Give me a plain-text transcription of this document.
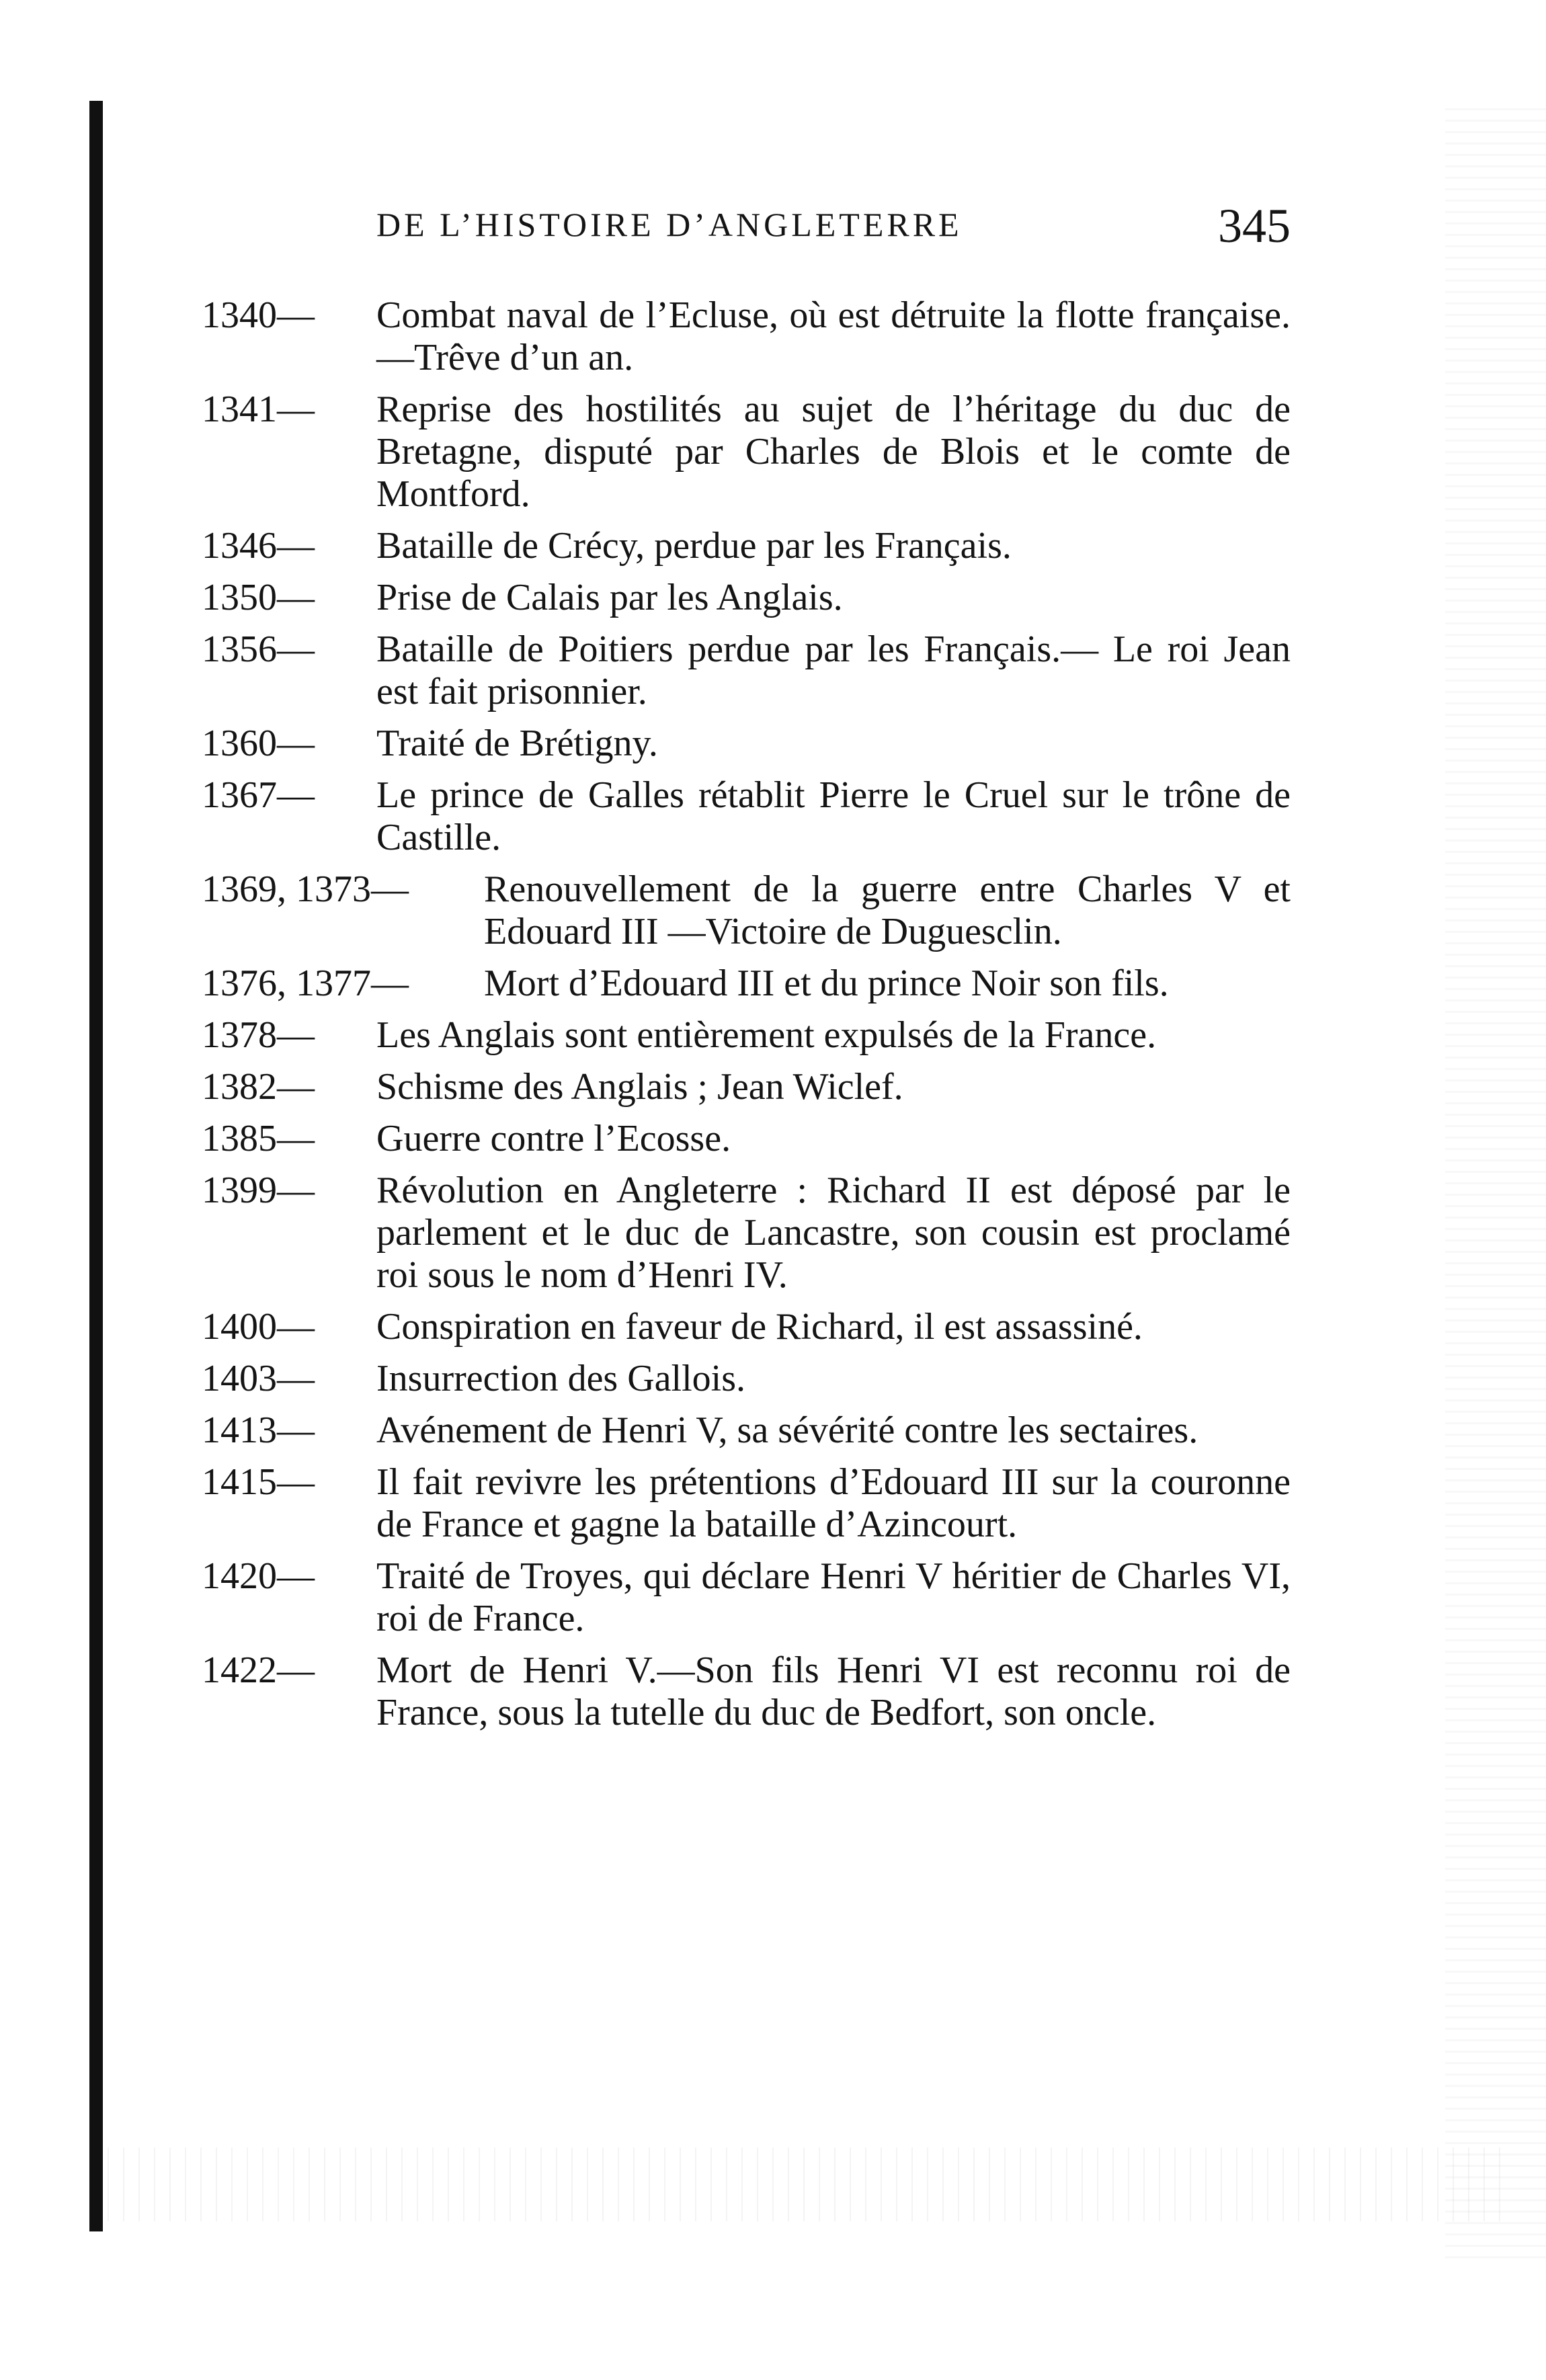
DE L’HISTOIRE D’ANGLETERRE	345
1340— Combat naval de l’Ecluse, où est détruite la flotte française.—Trêve d’un an.
1341— Reprise des hostilités au sujet de l’héritage du duc de Bretagne, disputé par Charles de Blois et le comte de Montford.
1346— Bataille de Crécy, perdue par les Français.
1350— Prise de Calais par les Anglais.
1356— Bataille de Poitiers perdue par les Français.— Le roi Jean est fait prisonnier.
1360— Traité de Brétigny.
1367— Le prince de Galles rétablit Pierre le Cruel sur le trône de Castille.
1369, 1373— Renouvellement de la guerre entre Charles V et Edouard III —Victoire de Duguesclin.
1376, 1377— Mort d’Edouard III et du prince Noir son fils.
1378— Les Anglais sont entièrement expulsés de la France.
1382— Schisme des Anglais ; Jean Wiclef.
1385— Guerre contre l’Ecosse.
1399— Révolution en Angleterre : Richard II est déposé par le parlement et le duc de Lancastre, son cousin est proclamé roi sous le nom d’Henri IV.
1400— Conspiration en faveur de Richard, il est assassiné.
1403— Insurrection des Gallois.
1413— Avénement de Henri V, sa sévérité contre les sectaires.
1415— Il fait revivre les prétentions d’Edouard III sur la couronne de France et gagne la bataille d’Azincourt.
1420— Traité de Troyes, qui déclare Henri V héritier de Charles VI, roi de France.
1422— Mort de Henri V.—Son fils Henri VI est reconnu roi de France, sous la tutelle du duc de Bedfort, son oncle.
